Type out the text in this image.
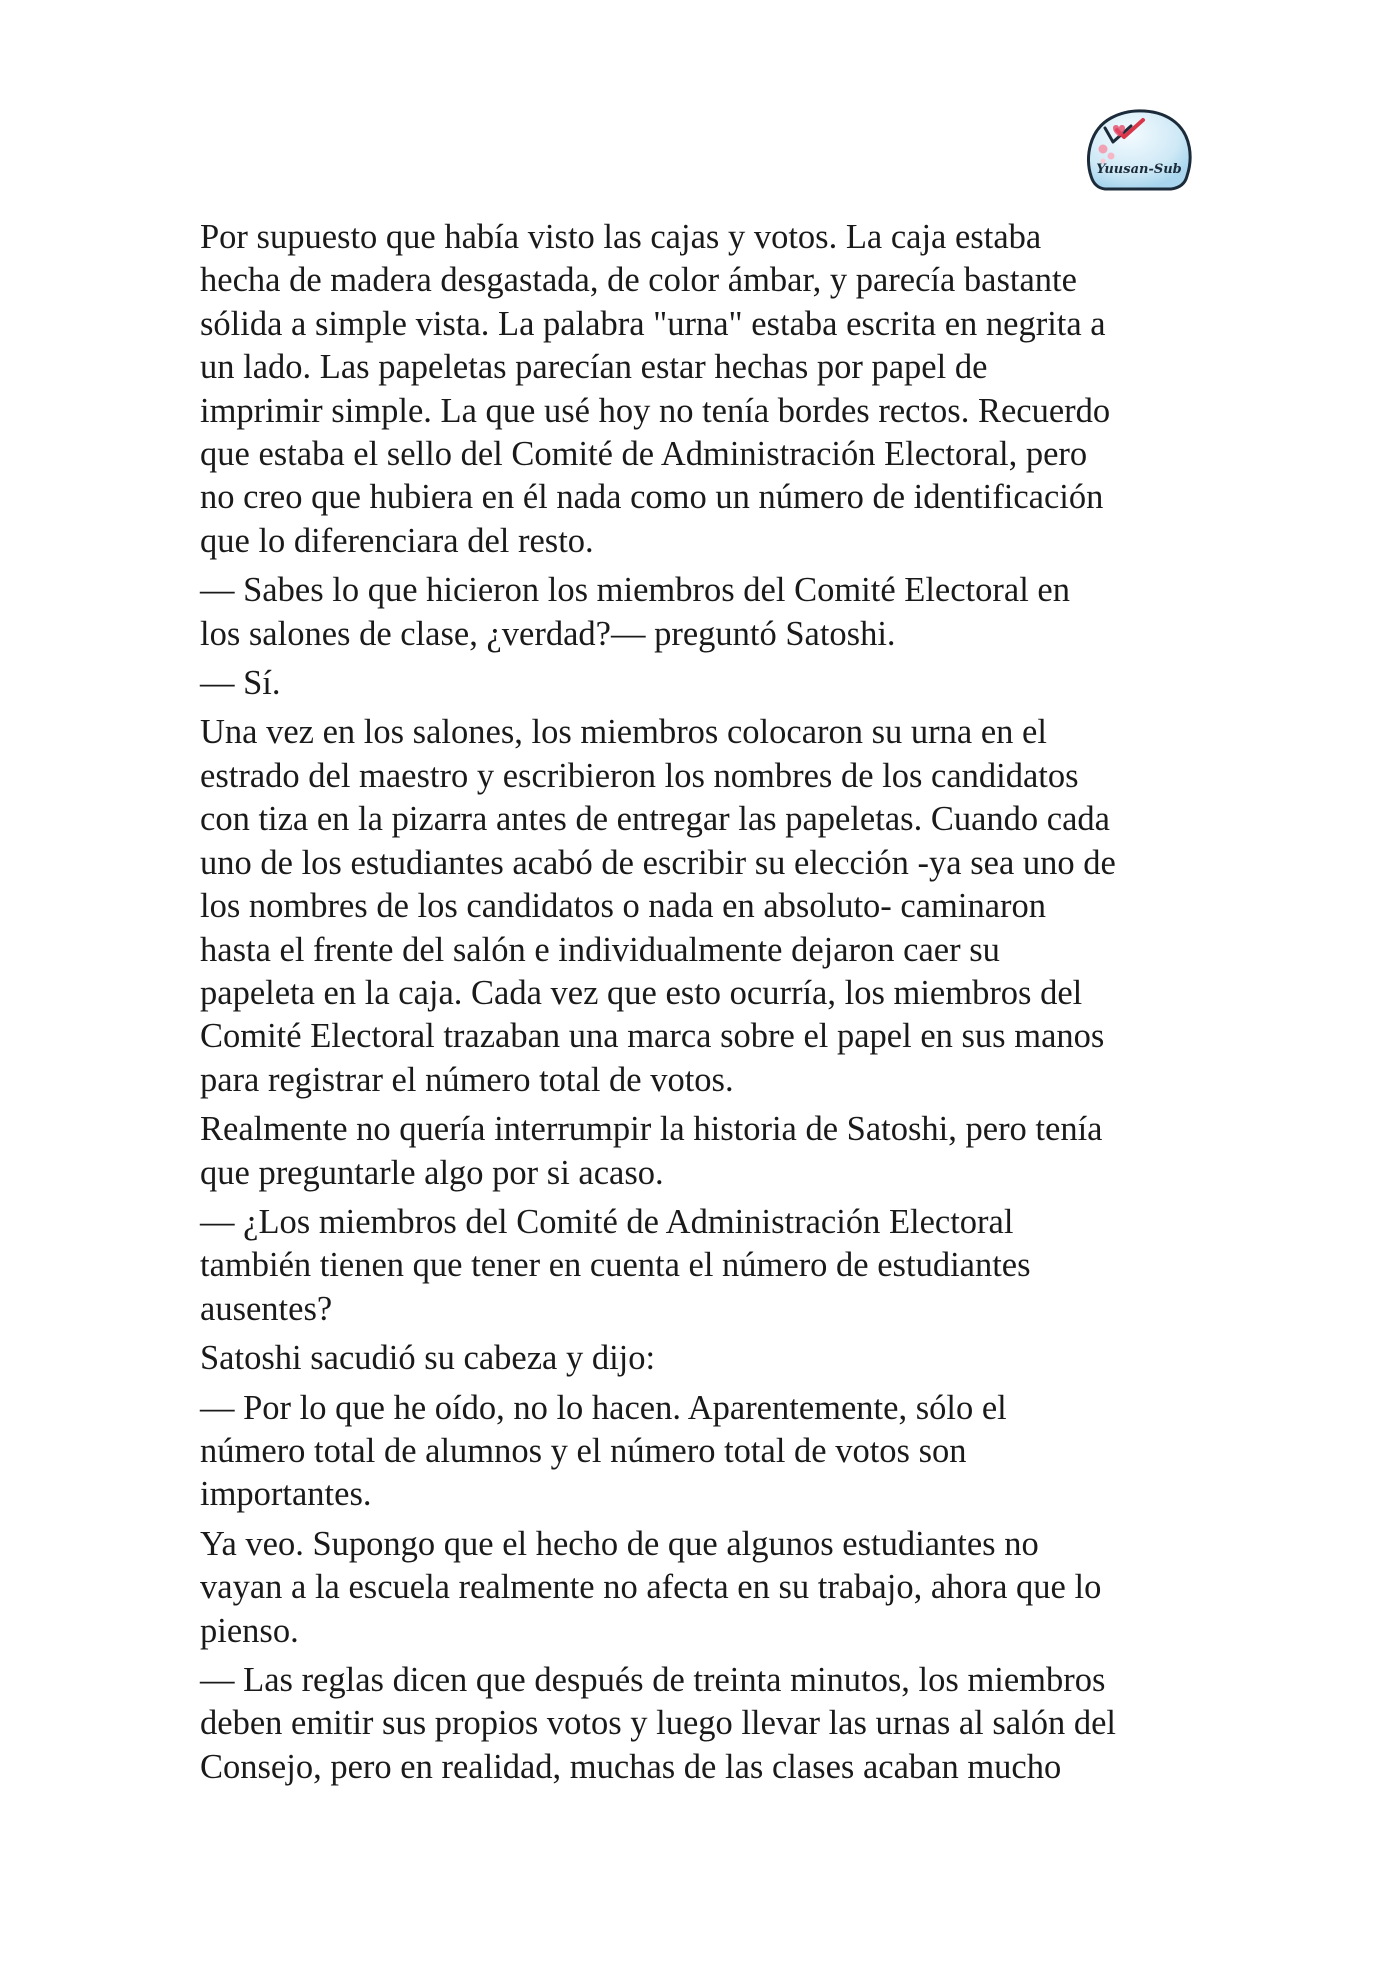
Yuusan-Sub

Por supuesto que había visto las cajas y votos. La caja estaba
hecha de madera desgastada, de color ámbar, y parecía bastante
sólida a simple vista. La palabra "urna" estaba escrita en negrita a
un lado. Las papeletas parecían estar hechas por papel de
imprimir simple. La que usé hoy no tenía bordes rectos. Recuerdo
que estaba el sello del Comité de Administración Electoral, pero
no creo que hubiera en él nada como un número de identificación
que lo diferenciara del resto.

— Sabes lo que hicieron los miembros del Comité Electoral en
los salones de clase, ¿verdad?— preguntó Satoshi.

— Sí.

Una vez en los salones, los miembros colocaron su urna en el
estrado del maestro y escribieron los nombres de los candidatos
con tiza en la pizarra antes de entregar las papeletas. Cuando cada
uno de los estudiantes acabó de escribir su elección -ya sea uno de
los nombres de los candidatos o nada en absoluto- caminaron
hasta el frente del salón e individualmente dejaron caer su
papeleta en la caja. Cada vez que esto ocurría, los miembros del
Comité Electoral trazaban una marca sobre el papel en sus manos
para registrar el número total de votos.

Realmente no quería interrumpir la historia de Satoshi, pero tenía
que preguntarle algo por si acaso.

— ¿Los miembros del Comité de Administración Electoral
también tienen que tener en cuenta el número de estudiantes
ausentes?

Satoshi sacudió su cabeza y dijo:

— Por lo que he oído, no lo hacen. Aparentemente, sólo el
número total de alumnos y el número total de votos son
importantes.

Ya veo. Supongo que el hecho de que algunos estudiantes no
vayan a la escuela realmente no afecta en su trabajo, ahora que lo
pienso.

— Las reglas dicen que después de treinta minutos, los miembros
deben emitir sus propios votos y luego llevar las urnas al salón del
Consejo, pero en realidad, muchas de las clases acaban mucho
